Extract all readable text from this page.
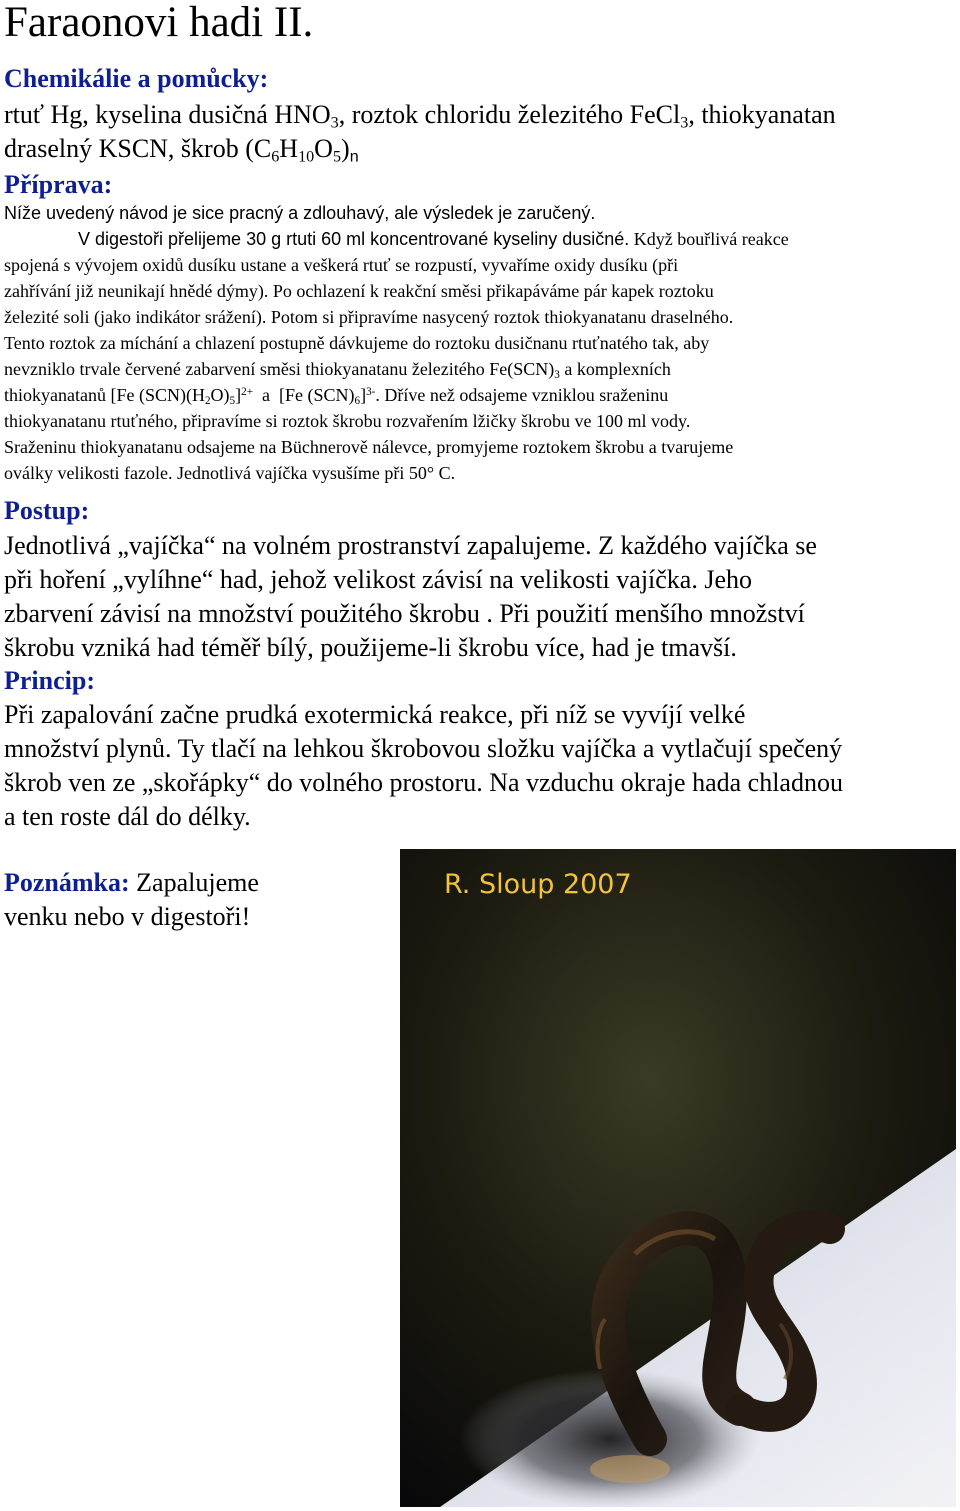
Faraonovi hadi II.
Chemikálie a pomůcky:
rtuť Hg, kyselina dusičná $HNO_3$, roztok chloridu železitého FeCl$_3$, thiokyanatan
draselný KSCN, škrob $(C_6H_{10}O_5)_n$
Příprava:
Níže uvedený návod je sice pracný a zdlouhavý, ale výsledek je zaručený.
V digestoři přelijeme 30 g rtuti 60 ml koncentrované kyseliny dusičné. Když bouřlivá reakce
spojená s vývojem oxidů dusíku ustane a veškerá rtuť se rozpustí, vyvaříme oxidy dusíku (při
zahřívání již neunikají hnědé dýmy). Po ochlazení k reakční směsi přikapáváme pár kapek roztoku
železité soli (jako indikátor srážení). Potom si připravíme nasycený roztok thiokyanatanu draselného.
Tento roztok za míchání a chlazení postupně dávkujeme do roztoku dusičnanu rtuťnatého tak, aby
nevzniklo trvale červené zabarvení směsi thiokyanatanu železitého $Fe(SCN)_3$ a komplexních
thiokyanatanů [Fe $(SCN)(H_2O)_5]^{2+}$  a  [Fe $(SCN)_6]^{3-}$. Dříve než odsajeme vzniklou sraženinu
thiokyanatanu rtuťného, připravíme si roztok škrobu rozvařením lžičky škrobu ve 100 ml vody.
Sraženinu thiokyanatanu odsajeme na Büchnerově nálevce, promyjeme roztokem škrobu a tvarujeme
oválky velikosti fazole. Jednotlivá vajíčka vysušíme při 50° C.
Postup:
Jednotlivá „vajíčka“ na volném prostranství zapalujeme. Z každého vajíčka se
při hoření „vylíhne“ had, jehož velikost závisí na velikosti vajíčka. Jeho
zbarvení závisí na množství použitého škrobu . Při použití menšího množství
škrobu vzniká had téměř bílý, použijeme-li škrobu více, had je tmavší.
Princip:
Při zapalování začne prudká exotermická reakce, při níž se vyvíjí velké
množství plynů. Ty tlačí na lehkou škrobovou složku vajíčka a vytlačují spečený
škrob ven ze „skořápky“ do volného prostoru. Na vzduchu okraje hada chladnou
a ten roste dál do délky.
Poznámka: Zapalujeme
venku nebo v digestoři!
R. Sloup 2007
